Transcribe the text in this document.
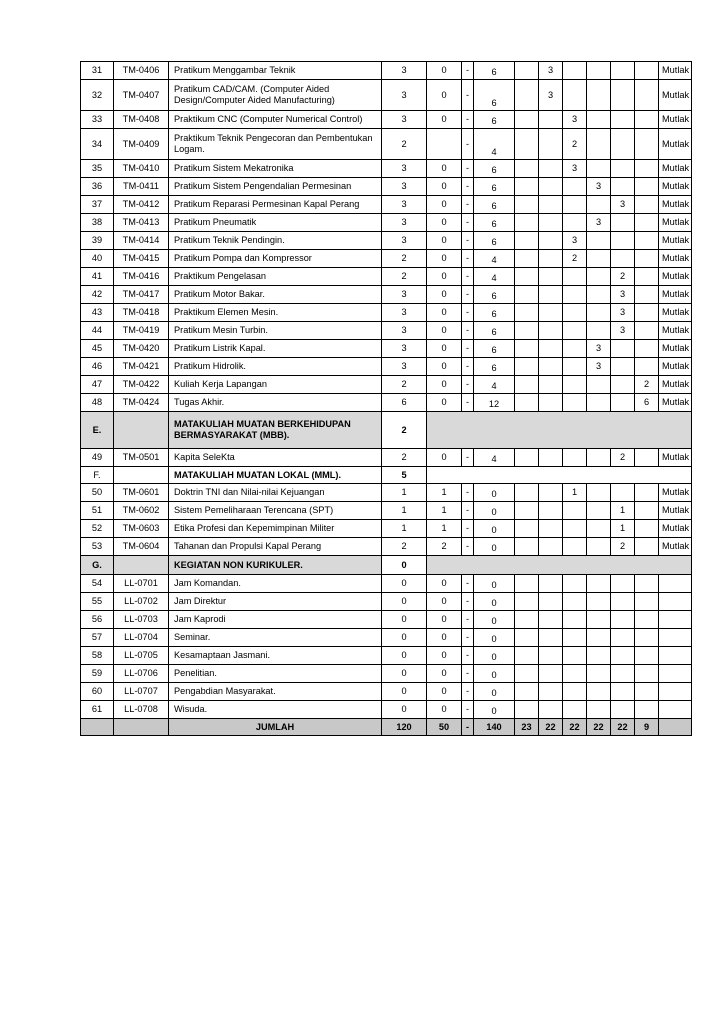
31	TM-0406	Pratikum Menggambar Teknik	3	0	-	6		3					Mutlak
32	TM-0407	Pratikum CAD/CAM. (Computer Aided Design/Computer Aided Manufacturing)	3	0	-	6		3					Mutlak
33	TM-0408	Praktikum CNC (Computer Numerical Control)	3	0	-	6			3				Mutlak
34	TM-0409	Praktikum Teknik Pengecoran dan Pembentukan Logam.	2		-	4			2				Mutlak
35	TM-0410	Pratikum Sistem Mekatronika	3	0	-	6			3				Mutlak
36	TM-0411	Pratikum Sistem Pengendalian Permesinan	3	0	-	6				3			Mutlak
37	TM-0412	Pratikum Reparasi Permesinan Kapal Perang	3	0	-	6					3		Mutlak
38	TM-0413	Pratikum Pneumatik	3	0	-	6				3			Mutlak
39	TM-0414	Pratikum Teknik Pendingin.	3	0	-	6			3				Mutlak
40	TM-0415	Pratikum Pompa dan Kompressor	2	0	-	4			2				Mutlak
41	TM-0416	Praktikum Pengelasan	2	0	-	4					2		Mutlak
42	TM-0417	Pratikum Motor Bakar.	3	0	-	6					3		Mutlak
43	TM-0418	Praktikum Elemen Mesin.	3	0	-	6					3		Mutlak
44	TM-0419	Pratikum Mesin Turbin.	3	0	-	6					3		Mutlak
45	TM-0420	Pratikum Listrik Kapal.	3	0	-	6				3			Mutlak
46	TM-0421	Pratikum Hidrolik.	3	0	-	6				3			Mutlak
47	TM-0422	Kuliah Kerja Lapangan	2	0	-	4						2	Mutlak
48	TM-0424	Tugas Akhir.	6	0	-	12						6	Mutlak
E.		MATAKULIAH MUATAN BERKEHIDUPAN BERMASYARAKAT (MBB).	2										
49	TM-0501	Kapita SeleKta	2	0	-	4					2		Mutlak
F.		MATAKULIAH MUATAN LOKAL (MML).	5										
50	TM-0601	Doktrin TNI dan Nilai-nilai Kejuangan	1	1	-	0			1				Mutlak
51	TM-0602	Sistem Pemeliharaan Terencana (SPT)	1	1	-	0					1		Mutlak
52	TM-0603	Etika Profesi dan Kepemimpinan Militer	1	1	-	0					1		Mutlak
53	TM-0604	Tahanan dan Propulsi Kapal Perang	2	2	-	0					2		Mutlak
G.		KEGIATAN NON KURIKULER.	0										
54	LL-0701	Jam Komandan.	0	0	-	0							
55	LL-0702	Jam Direktur	0	0	-	0							
56	LL-0703	Jam Kaprodi	0	0	-	0							
57	LL-0704	Seminar.	0	0	-	0							
58	LL-0705	Kesamaptaan Jasmani.	0	0	-	0							
59	LL-0706	Penelitian.	0	0	-	0							
60	LL-0707	Pengabdian Masyarakat.	0	0	-	0							
61	LL-0708	Wisuda.	0	0	-	0							
		JUMLAH	120	50	-	140	23	22	22	22	22	9	
